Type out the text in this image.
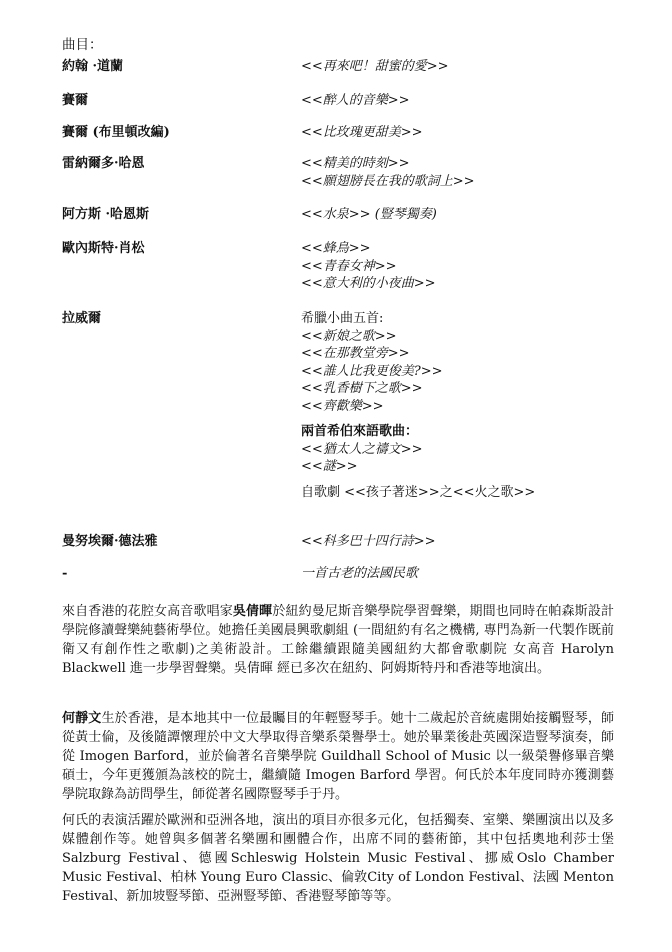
曲目：
約翰 ·道蘭	<<再來吧！甜蜜的愛>>
賽爾	<<醉人的音樂>>
賽爾 (布里頓改編)	<<比玫瑰更甜美>>
雷納爾多·哈恩	<<精美的時刻>>
<<願翅膀長在我的歌詞上>>
阿方斯 ·哈恩斯	<<水泉>> (豎琴獨奏)
歐內斯特·肖松	<<蜂鳥>>
<<青春女神>>
<<意大利的小夜曲>>
拉威爾	希臘小曲五首:
<<新娘之歌>>
<<在那教堂旁>>
<<誰人比我更俊美?>>
<<乳香樹下之歌>>
<<齊歡樂>>
兩首希伯來語歌曲：
<<猶太人之禱文>>
<<謎>>
自歌劇 <<孩子著迷>>之<<火之歌>>
曼努埃爾·德法雅	<<科多巴十四行詩>>
-	一首古老的法國民歌

來自香港的花腔女高音歌唱家吳倩暉於紐約曼尼斯音樂學院學習聲樂，期間也同時在帕森斯設計學院修讀聲樂純藝術學位。她擔任美國晨興歌劇組 (一間紐約有名之機構, 專門為新一代製作既前衛又有創作性之歌劇)之美術設計。工餘繼續跟隨美國紐約大都會歌劇院 女高音 Harolyn Blackwell 進一步學習聲樂。吳倩暉 經已多次在紐約、阿姆斯特丹和香港等地演出。

何靜文生於香港，是本地其中一位最矚目的年輕豎琴手。她十二歲起於音統處開始接觸豎琴，師從黃士倫，及後隨譚懷理於中文大學取得音樂系榮譽學士。她於畢業後赴英國深造豎琴演奏，師從 Imogen Barford，並於倫著名音樂學院 Guildhall School of Music 以一級榮譽修畢音樂碩士，今年更獲頒為該校的院士，繼續隨 Imogen Barford 學習。何氏於本年度同時亦獲測藝學院取錄為訪問學生，師從著名國際豎琴手于丹。

何氏的表演活躍於歐洲和亞洲各地，演出的項目亦很多元化，包括獨奏、室樂、樂團演出以及多媒體創作等。她曾與多個著名樂團和團體合作，出席不同的藝術節，其中包括奧地利莎士堡Salzburg Festival、德國Schleswig Holstein Music Festival、挪威Oslo Chamber Music Festival、柏林 Young Euro Classic、倫敦City of London Festival、法國 Menton Festival、新加坡豎琴節、亞洲豎琴節、香港豎琴節等等。
